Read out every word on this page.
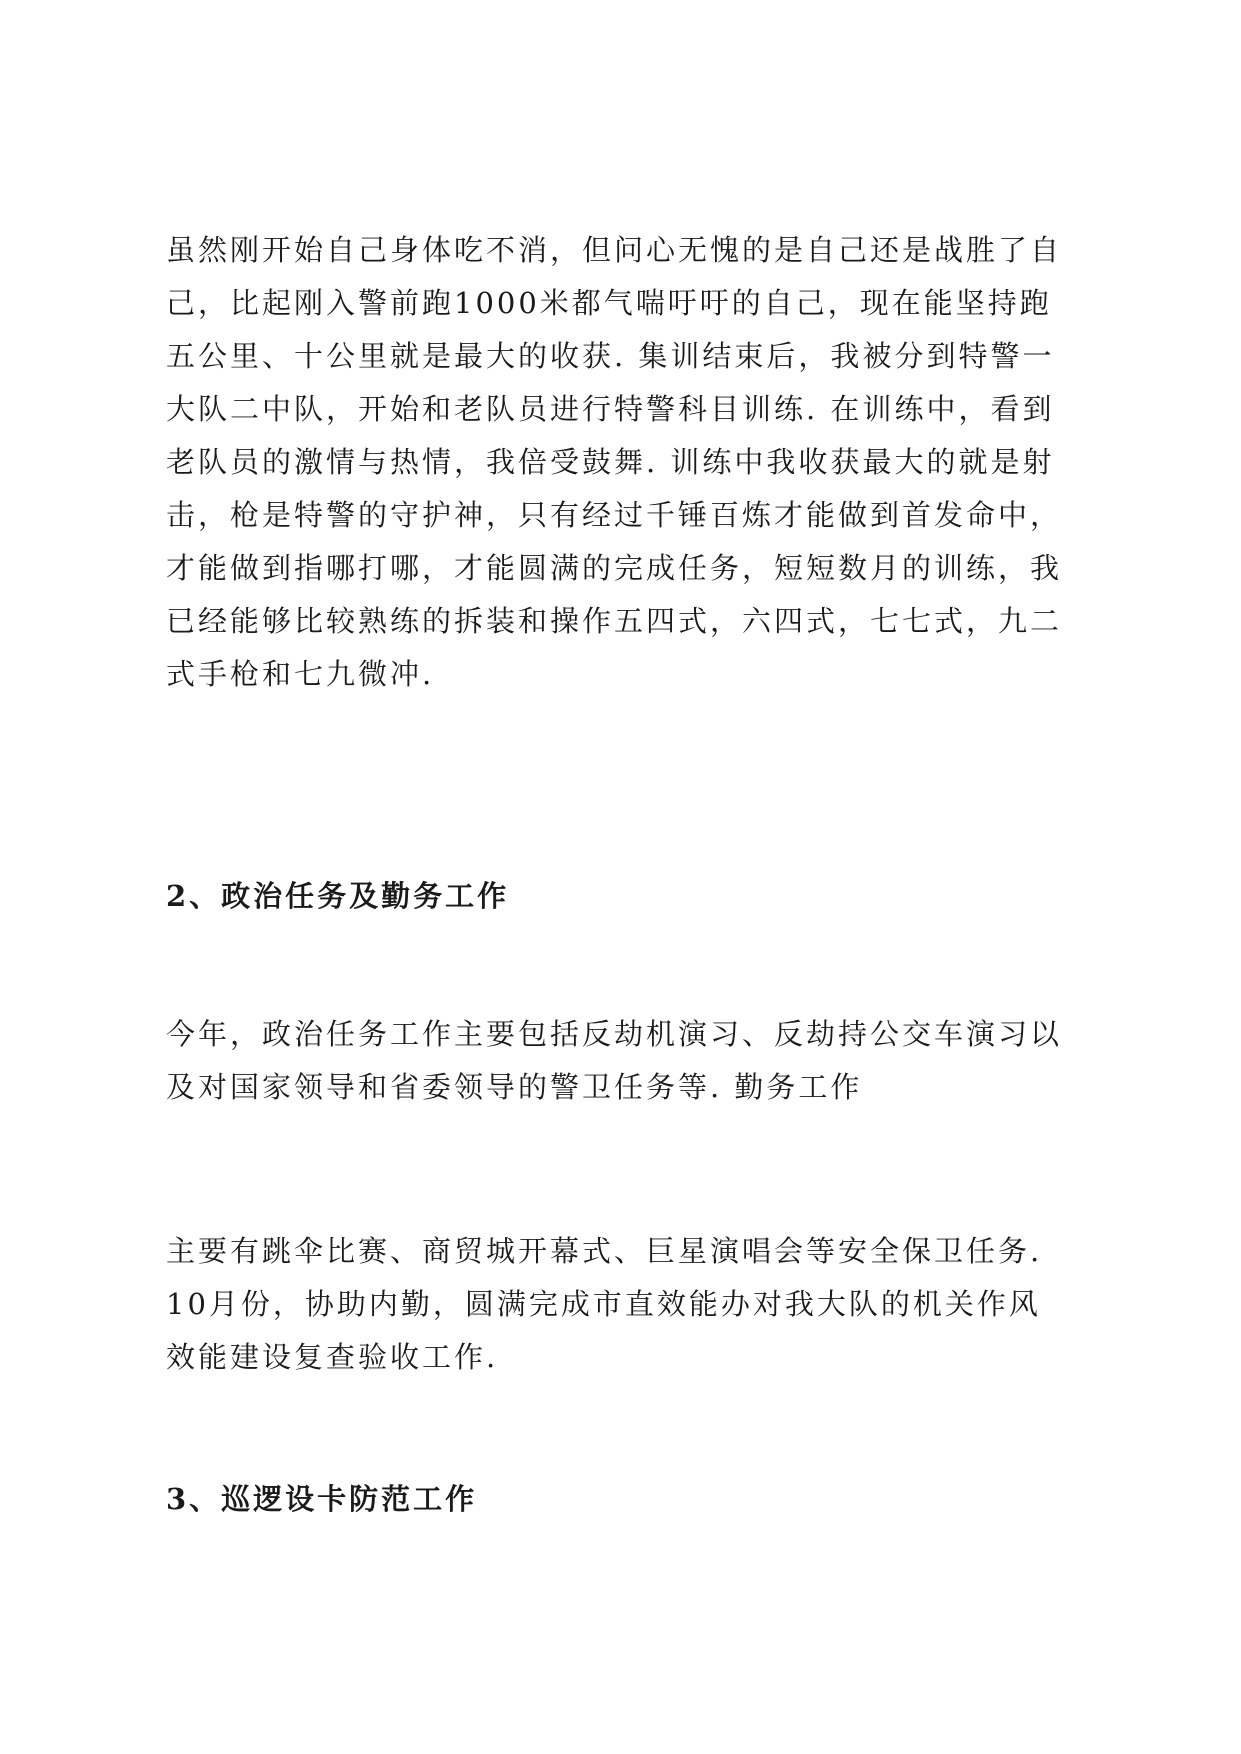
虽然刚开始自己身体吃不消，但问心无愧的是自己还是战胜了自
己，比起刚入警前跑1000米都气喘吁吁的自己，现在能坚持跑
五公里、十公里就是最大的收获. 集训结束后，我被分到特警一
大队二中队，开始和老队员进行特警科目训练. 在训练中，看到
老队员的激情与热情，我倍受鼓舞. 训练中我收获最大的就是射
击，枪是特警的守护神，只有经过千锤百炼才能做到首发命中，
才能做到指哪打哪，才能圆满的完成任务，短短数月的训练，我
已经能够比较熟练的拆装和操作五四式，六四式，七七式，九二
式手枪和七九微冲.

2、政治任务及勤务工作

今年，政治任务工作主要包括反劫机演习、反劫持公交车演习以
及对国家领导和省委领导的警卫任务等. 勤务工作

主要有跳伞比赛、商贸城开幕式、巨星演唱会等安全保卫任务.
10月份，协助内勤，圆满完成市直效能办对我大队的机关作风
效能建设复查验收工作.

3、巡逻设卡防范工作
